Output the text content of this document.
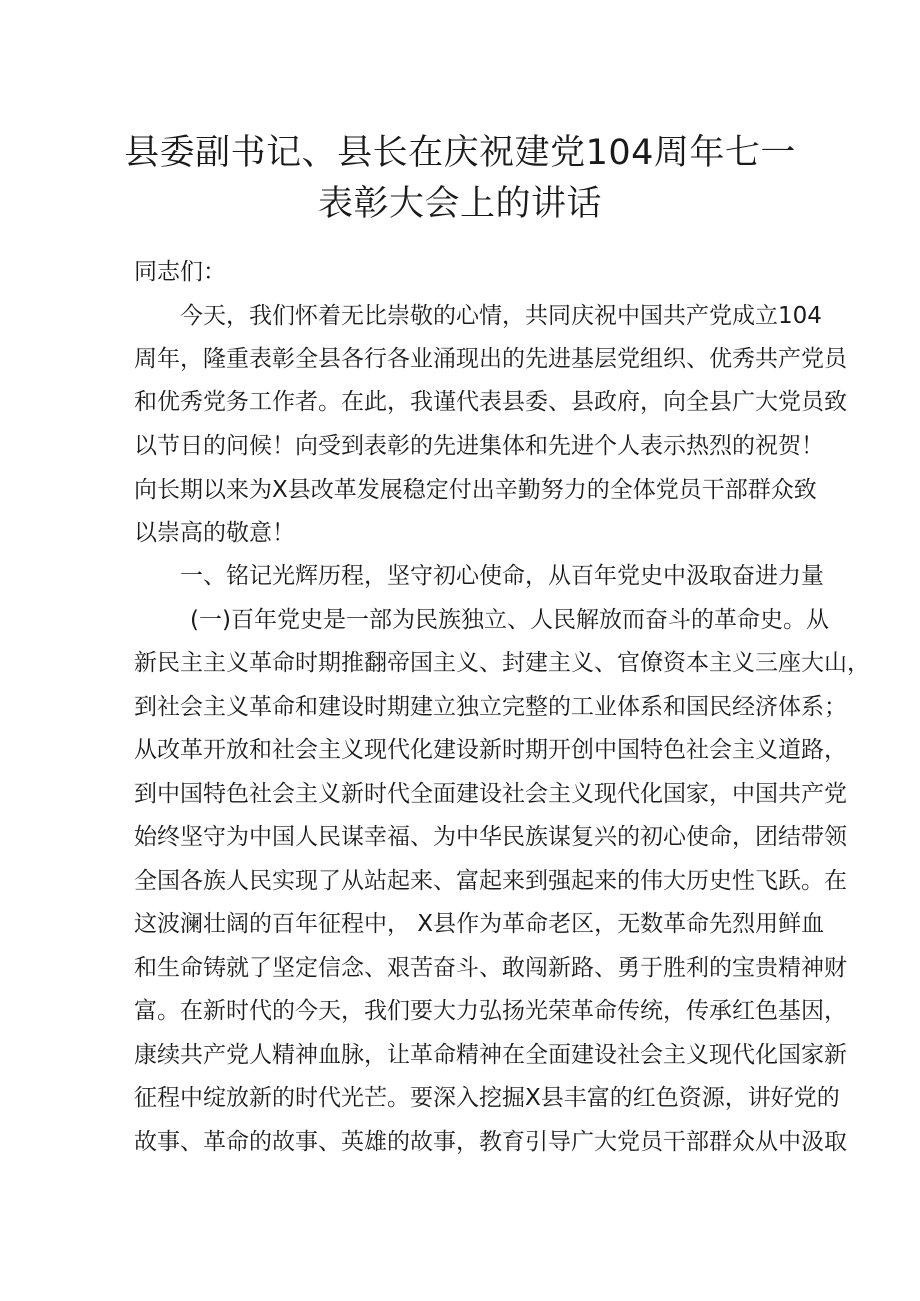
县委副书记、县长在庆祝建党104周年七一
表彰大会上的讲话

同志们：

今天，我们怀着无比崇敬的心情，共同庆祝中国共产党成立104

周年，隆重表彰全县各行各业涌现出的先进基层党组织、优秀共产党员

和优秀党务工作者。在此，我谨代表县委、县政府，向全县广大党员致

以节日的问候！向受到表彰的先进集体和先进个人表示热烈的祝贺！

向长期以来为X县改革发展稳定付出辛勤努力的全体党员干部群众致

以崇高的敬意！

一、铭记光辉历程，坚守初心使命，从百年党史中汲取奋进力量

(一)百年党史是一部为民族独立、人民解放而奋斗的革命史。从

新民主主义革命时期推翻帝国主义、封建主义、官僚资本主义三座大山，

到社会主义革命和建设时期建立独立完整的工业体系和国民经济体系；

从改革开放和社会主义现代化建设新时期开创中国特色社会主义道路，

到中国特色社会主义新时代全面建设社会主义现代化国家，中国共产党

始终坚守为中国人民谋幸福、为中华民族谋复兴的初心使命，团结带领

全国各族人民实现了从站起来、富起来到强起来的伟大历史性飞跃。在

这波澜壮阔的百年征程中， X县作为革命老区，无数革命先烈用鲜血

和生命铸就了坚定信念、艰苦奋斗、敢闯新路、勇于胜利的宝贵精神财

富。在新时代的今天，我们要大力弘扬光荣革命传统，传承红色基因，

康续共产党人精神血脉，让革命精神在全面建设社会主义现代化国家新

征程中绽放新的时代光芒。要深入挖掘X县丰富的红色资源，讲好党的

故事、革命的故事、英雄的故事，教育引导广大党员干部群众从中汲取
